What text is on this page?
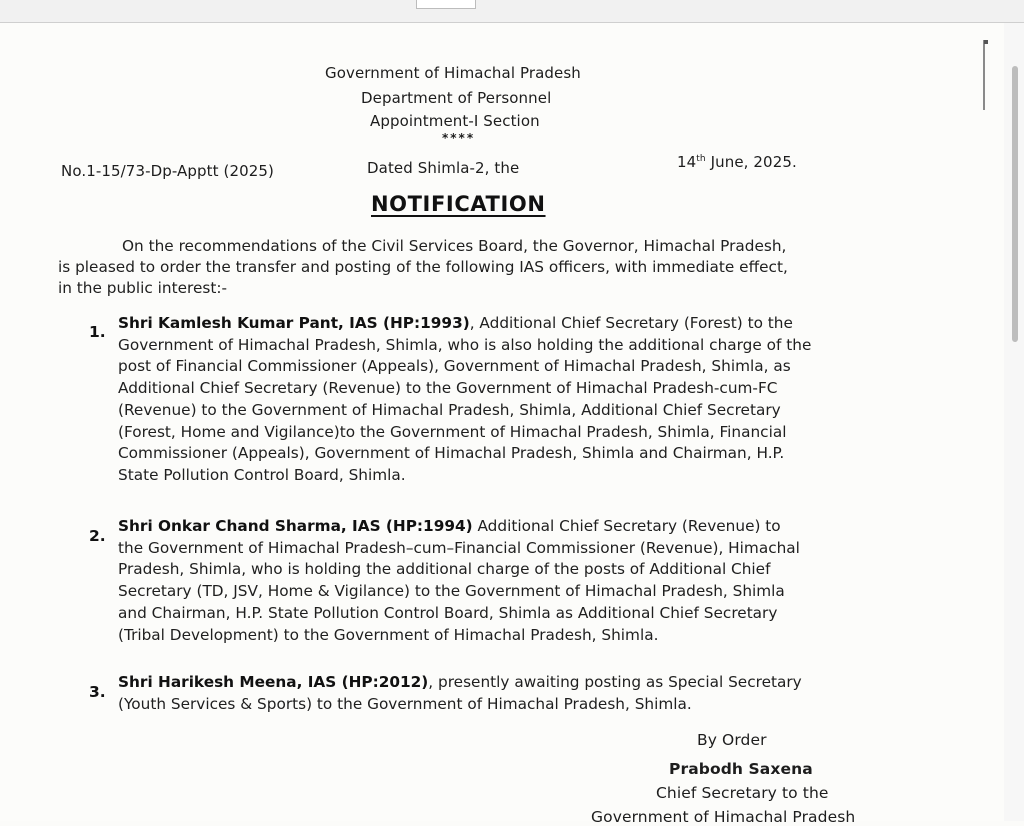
Government of Himachal Pradesh
Department of Personnel
Appointment-I Section
****
No.1-15/73-Dp-Apptt (2025)	Dated Shimla-2, the	14th June, 2025.
NOTIFICATION
On the recommendations of the Civil Services Board, the Governor, Himachal Pradesh,
is pleased to order the transfer and posting of the following IAS officers, with immediate effect,
in the public interest:-
1. Shri Kamlesh Kumar Pant, IAS (HP:1993), Additional Chief Secretary (Forest) to the
Government of Himachal Pradesh, Shimla, who is also holding the additional charge of the
post of Financial Commissioner (Appeals), Government of Himachal Pradesh, Shimla, as
Additional Chief Secretary (Revenue) to the Government of Himachal Pradesh-cum-FC
(Revenue) to the Government of Himachal Pradesh, Shimla, Additional Chief Secretary
(Forest, Home and Vigilance)to the Government of Himachal Pradesh, Shimla, Financial
Commissioner (Appeals), Government of Himachal Pradesh, Shimla and Chairman, H.P.
State Pollution Control Board, Shimla.
2.
Shri Onkar Chand Sharma, IAS (HP:1994) Additional Chief Secretary (Revenue) to
the Government of Himachal Pradesh–cum–Financial Commissioner (Revenue), Himachal
Pradesh, Shimla, who is holding the additional charge of the posts of Additional Chief
Secretary (TD, JSV, Home & Vigilance) to the Government of Himachal Pradesh, Shimla
and Chairman, H.P. State Pollution Control Board, Shimla as Additional Chief Secretary
(Tribal Development) to the Government of Himachal Pradesh, Shimla.
3.
Shri Harikesh Meena, IAS (HP:2012), presently awaiting posting as Special Secretary
(Youth Services & Sports) to the Government of Himachal Pradesh, Shimla.
By Order
Prabodh Saxena
Chief Secretary to the
Government of Himachal Pradesh
